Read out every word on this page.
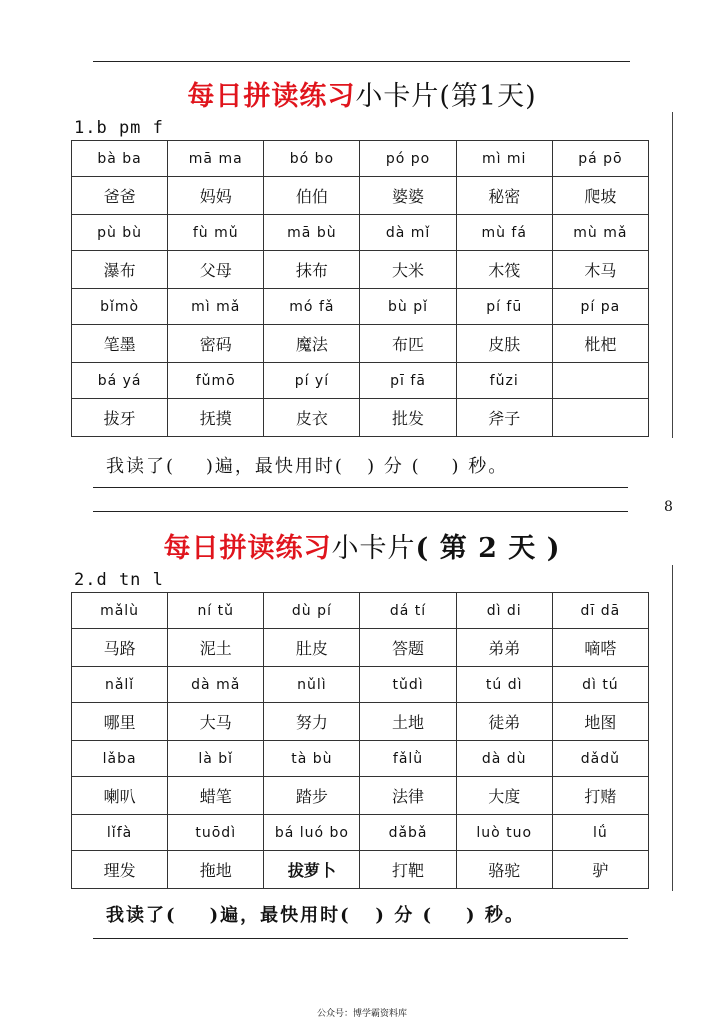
每日拼读练习小卡片(第1天)
1.b pm f
bà ba	mā ma	bó bo	pó po	mì mi	pá pō
爸爸	妈妈	伯伯	婆婆	秘密	爬坡
pù bù	fù mǔ	mā bù	dà mǐ	mù fá	mù mǎ
瀑布	父母	抹布	大米	木筏	木马
bǐmò	mì mǎ	mó fǎ	bù pǐ	pí fū	pí pa
笔墨	密码	魔法	布匹	皮肤	枇杷
bá yá	fǔmō	pí yí	pī fā	fǔzi	
拔牙	抚摸	皮衣	批发	斧子	
我读了(    )遍，最快用时(   ) 分 (    ) 秒。
8
每日拼读练习小卡片( 第 2 天 )
2.d tn l
mǎlù	ní tǔ	dù pí	dá tí	dì di	dī dā
马路	泥土	肚皮	答题	弟弟	嘀嗒
nǎlǐ	dà mǎ	nǔlì	tǔdì	tú dì	dì tú
哪里	大马	努力	土地	徒弟	地图
lǎba	là bǐ	tà bù	fǎlǜ	dà dù	dǎdǔ
喇叭	蜡笔	踏步	法律	大度	打赌
lǐfà	tuōdì	bá luó bo	dǎbǎ	luò tuo	lǘ
理发	拖地	拔萝卜	打靶	骆驼	驴
我读了(    )遍，最快用时(   ) 分 (    ) 秒。
公众号：博学霸资料库
